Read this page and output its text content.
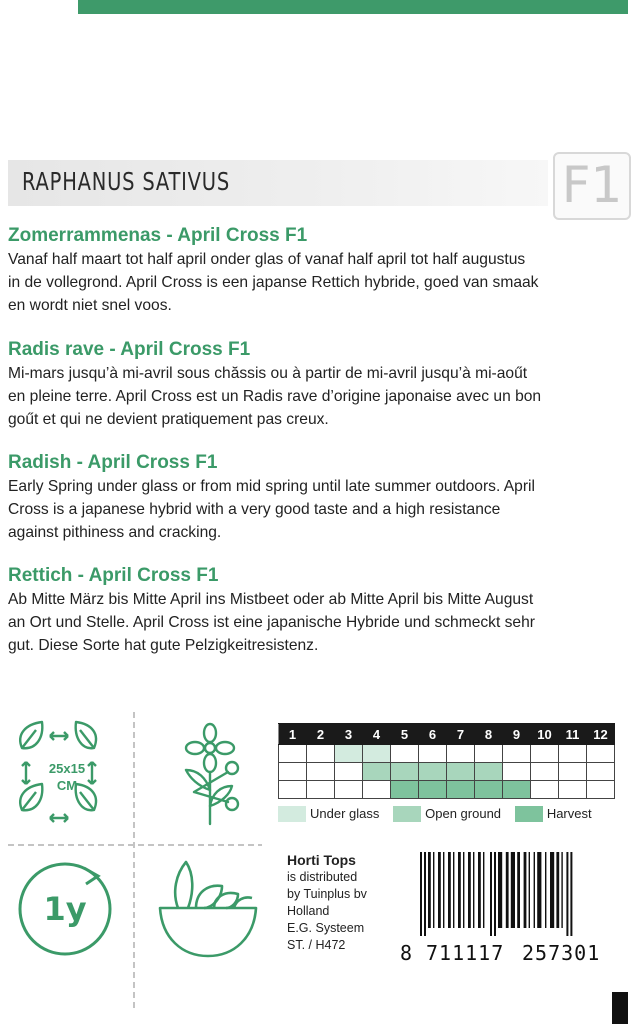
RAPHANUS SATIVUS	F1
Zomerrammenas - April Cross F1

Vanaf half maart tot half april onder glas of vanaf half april tot half augustus

in de vollegrond. April Cross is een japanse Rettich hybride, goed van smaak

en wordt niet snel voos.

Radis rave - April Cross F1

Mi-mars jusqu’à mi-avril sous chăssis ou à partir de mi-avril jusqu’à mi-aoűt

en pleine terre. April Cross est un Radis rave d’origine japonaise avec un bon

goűt et qui ne devient pratiquement pas creux.

Radish - April Cross F1

Early Spring under glass or from mid spring until late summer outdoors. April

Cross is a japanese hybrid with a very good taste and a high resistance

against pithiness and cracking.

Rettich - April Cross F1

Ab Mitte März bis Mitte April ins Mistbeet oder ab Mitte April bis Mitte August

an Ort und Stelle. April Cross ist eine japanische Hybride und schmeckt sehr

gut. Diese Sorte hat gute Pelzigkeitresistenz.

25x15
CM
1y
1	2	3	4	5	6	7	8	9	10	11	12

Under glass	Open ground	Harvest
Horti Tops
is distributed
by Tuinplus bv
Holland
E.G. Systeem
ST. / H472	8 711117 257301
